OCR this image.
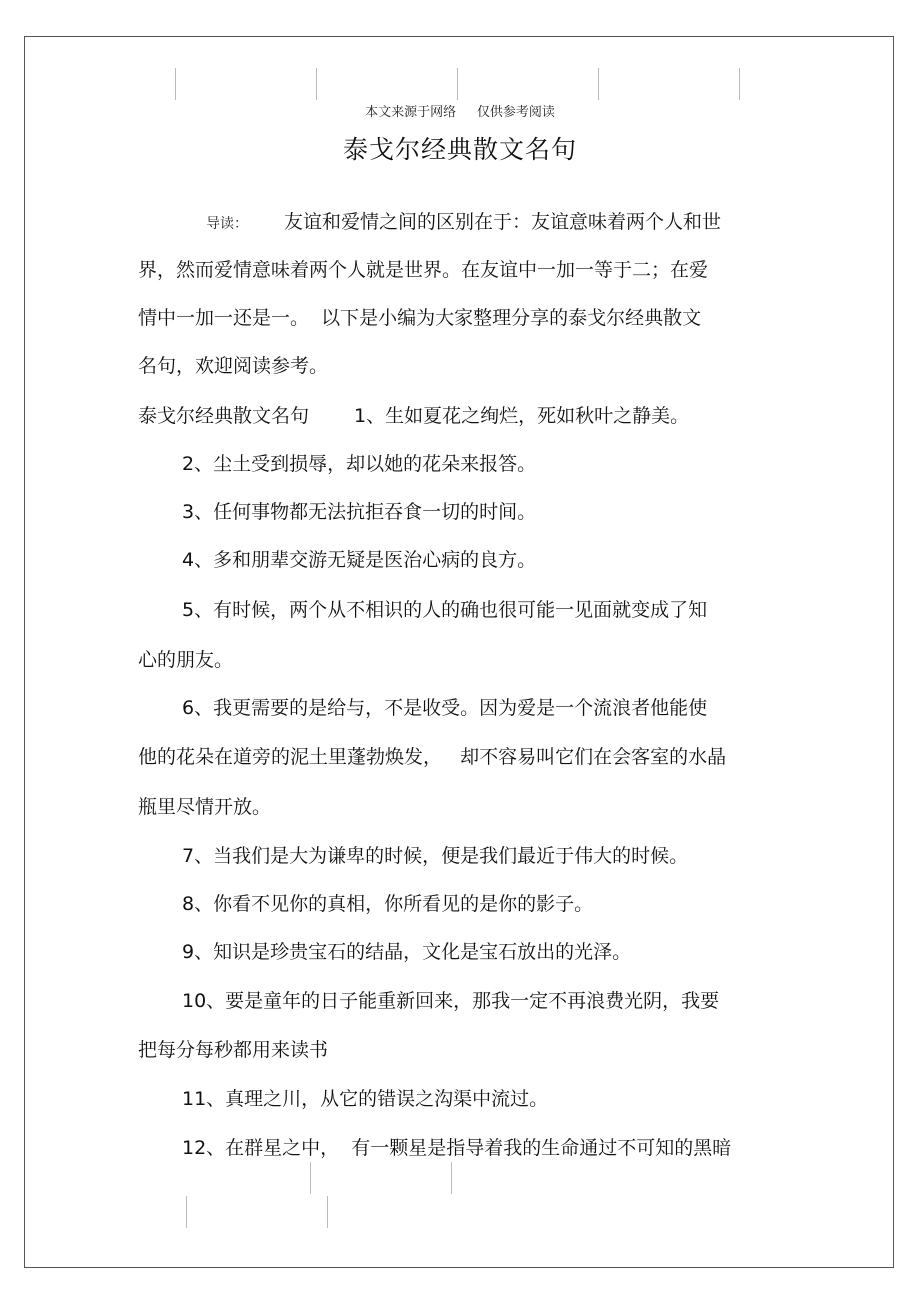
本文来源于网络     仅供参考阅读
泰戈尔经典散文名句
导读： 友谊和爱情之间的区别在于：友谊意味着两个人和世
界，然而爱情意味着两个人就是世界。在友谊中一加一等于二；在爱
情中一加一还是一。  以下是小编为大家整理分享的泰戈尔经典散文
名句，欢迎阅读参考。
泰戈尔经典散文名句 1、生如夏花之绚烂，死如秋叶之静美。
2、尘土受到损辱，却以她的花朵来报答。
3、任何事物都无法抗拒吞食一切的时间。
4、多和朋辈交游无疑是医治心病的良方。
5、有时候，两个从不相识的人的确也很可能一见面就变成了知
心的朋友。
6、我更需要的是给与，不是收受。因为爱是一个流浪者他能使
他的花朵在道旁的泥土里蓬勃焕发，   却不容易叫它们在会客室的水晶
瓶里尽情开放。
7、当我们是大为谦卑的时候，便是我们最近于伟大的时候。
8、你看不见你的真相，你所看见的是你的影子。
9、知识是珍贵宝石的结晶，文化是宝石放出的光泽。
10、要是童年的日子能重新回来，那我一定不再浪费光阴，我要
把每分每秒都用来读书
11、真理之川，从它的错误之沟渠中流过。
12、在群星之中，  有一颗星是指导着我的生命通过不可知的黑暗
